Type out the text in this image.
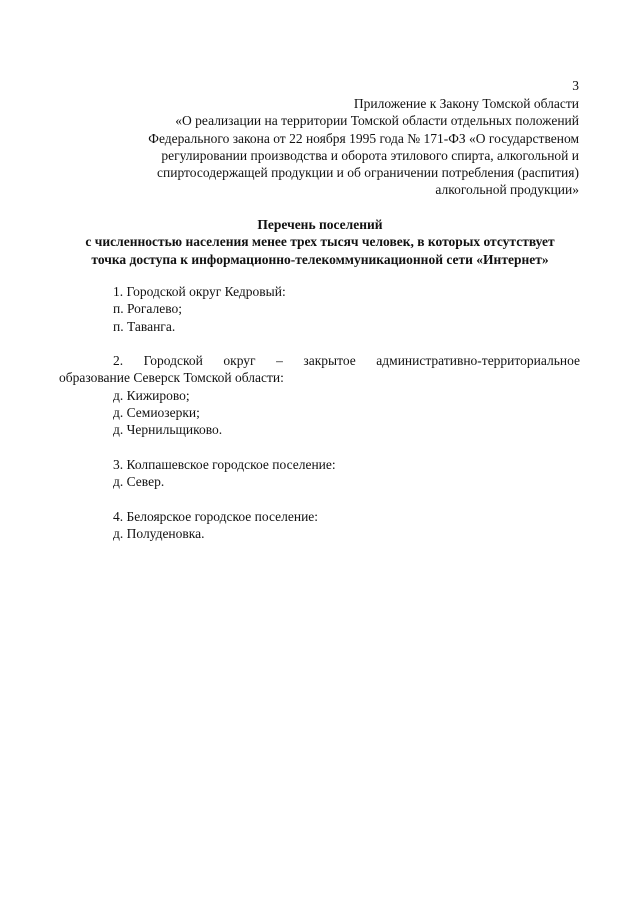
3
Приложение к Закону Томской области
«О реализации на территории Томской области отдельных положений
Федерального закона от 22 ноября 1995 года № 171-ФЗ «О государственом
регулировании производства и оборота этилового спирта, алкогольной и
спиртосодержащей продукции и об ограничении потребления (распития)
алкогольной продукции»
Перечень поселений
с численностью населения менее трех тысяч человек, в которых отсутствует
точка доступа к информационно-телекоммуникационной сети «Интернет»
1. Городской округ Кедровый:
п. Рогалево;
п. Таванга.
2. Городской округ – закрытое административно-территориальное
образование Северск Томской области:
д. Кижирово;
д. Семиозерки;
д. Чернильщиково.
3. Колпашевское городское поселение:
д. Север.
4. Белоярское городское поселение:
д. Полуденовка.
